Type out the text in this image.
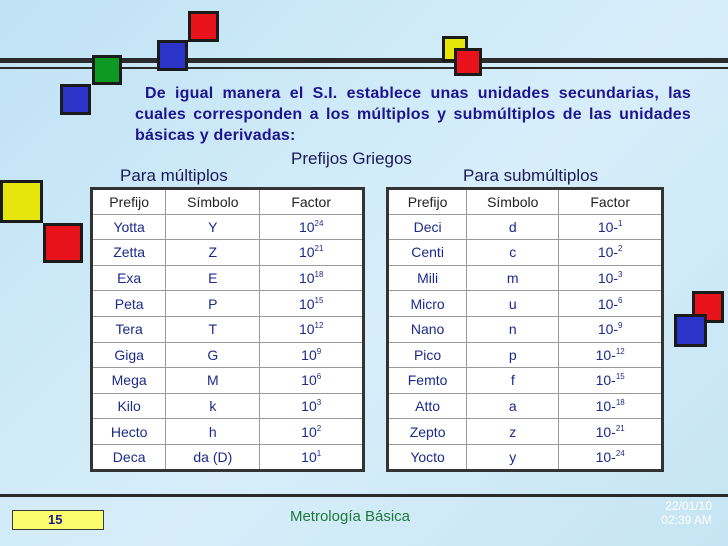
De igual manera el S.I. establece unas unidades secundarias, las cuales corresponden a los múltiplos y submúltiplos de las unidades básicas y derivadas:

Prefijos Griegos
Para múltiplos	Para submúltiplos
Prefijo	Símbolo	Factor
Yotta	Y	$10^{24}$
Zetta	Z	$10^{21}$
Exa	E	$10^{18}$
Peta	P	$10^{15}$
Tera	T	$10^{12}$
Giga	G	$10^9$
Mega	M	$10^6$
Kilo	k	$10^3$
Hecto	h	$10^2$
Deca	da (D)	$10^1$
Prefijo	Símbolo	Factor
Deci	d	10-$^1$
Centi	c	10-$^2$
Mili	m	10-$^3$
Micro	u	10-$^6$
Nano	n	10-$^9$
Pico	p	10-$^{12}$
Femto	f	10-$^{15}$
Atto	a	10-$^{18}$
Zepto	z	10-$^{21}$
Yocto	y	10-$^{24}$
15	Metrología Básica
22/01/10
02:39 AM
